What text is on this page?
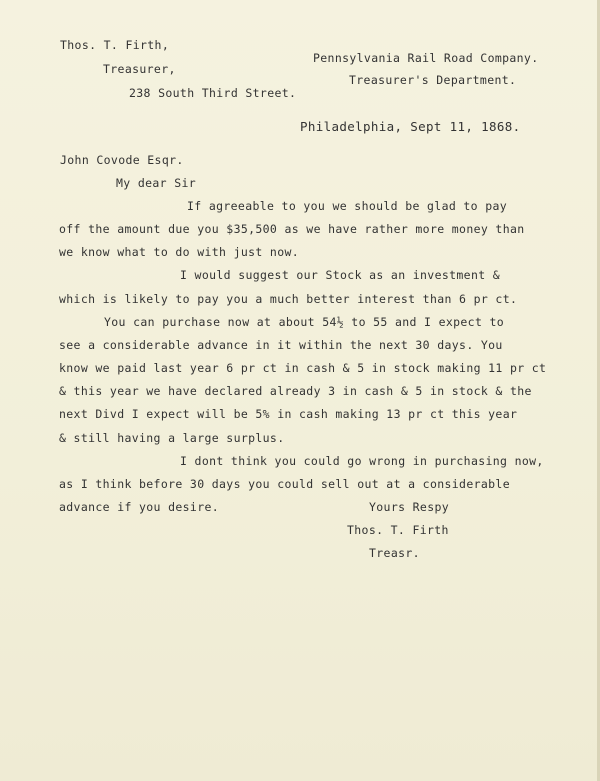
Thos. T. Firth,
Treasurer,
238 South Third Street.
Pennsylvania Rail Road Company.
Treasurer's Department.
Philadelphia, Sept 11, 1868.
John Covode Esqr.
My dear Sir
If agreeable to you we should be glad to pay
off the amount due you $35,500 as we have rather more money than
we know what to do with just now.
I would suggest our Stock as an investment &
which is likely to pay you a much better interest than 6 pr ct.
You can purchase now at about 54½ to 55 and I expect to
see a considerable advance in it within the next 30 days. You
know we paid last year 6 pr ct in cash & 5 in stock making 11 pr ct
& this year we have declared already 3 in cash & 5 in stock & the
next Divd I expect will be 5% in cash making 13 pr ct this year
& still having a large surplus.
I dont think you could go wrong in purchasing now,
as I think before 30 days you could sell out at a considerable
advance if you desire.	Yours Respy
Thos. T. Firth
Treasr.
